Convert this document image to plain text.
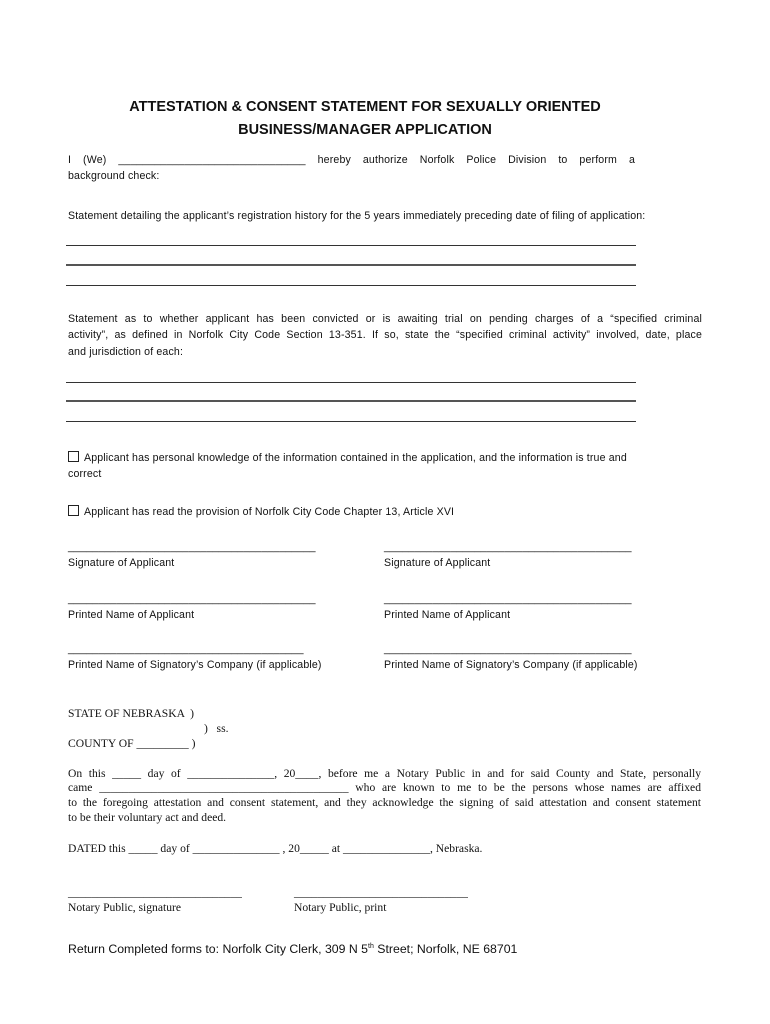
ATTESTATION & CONSENT STATEMENT FOR SEXUALLY ORIENTED
BUSINESS/MANAGER APPLICATION
I (We) _______________________________ hereby authorize Norfolk Police Division to perform a
background check:
Statement detailing the applicant’s registration history for the 5 years immediately preceding date of filing of application:
Statement as to whether applicant has been convicted or is awaiting trial on pending charges of a “specified criminal
activity”, as defined in Norfolk City Code Section 13-351. If so, state the “specified criminal activity” involved, date, place
and jurisdiction of each:
Applicant has personal knowledge of the information contained in the application, and the information is true and
correct
Applicant has read the provision of Norfolk City Code Chapter 13, Article XVI
_________________________________________	_________________________________________
Signature of Applicant	Signature of Applicant
_________________________________________	_________________________________________
Printed Name of Applicant	Printed Name of Applicant
_______________________________________	_________________________________________
Printed Name of Signatory’s Company (if applicable)	Printed Name of Signatory’s Company (if applicable)
STATE OF NEBRASKA  )
)   ss.
COUNTY OF _________ )
On this _____ day of _______________, 20____, before me a Notary Public in and for said County and State, personally
came ___________________________________________ who are known to me to be the persons whose names are affixed
to the foregoing attestation and consent statement, and they acknowledge the signing of said attestation and consent statement
to be their voluntary act and deed.
DATED this _____ day of _______________ , 20_____ at _______________, Nebraska.
______________________________	______________________________
Notary Public, signature	Notary Public, print
Return Completed forms to: Norfolk City Clerk, 309 N 5th Street; Norfolk, NE 68701
